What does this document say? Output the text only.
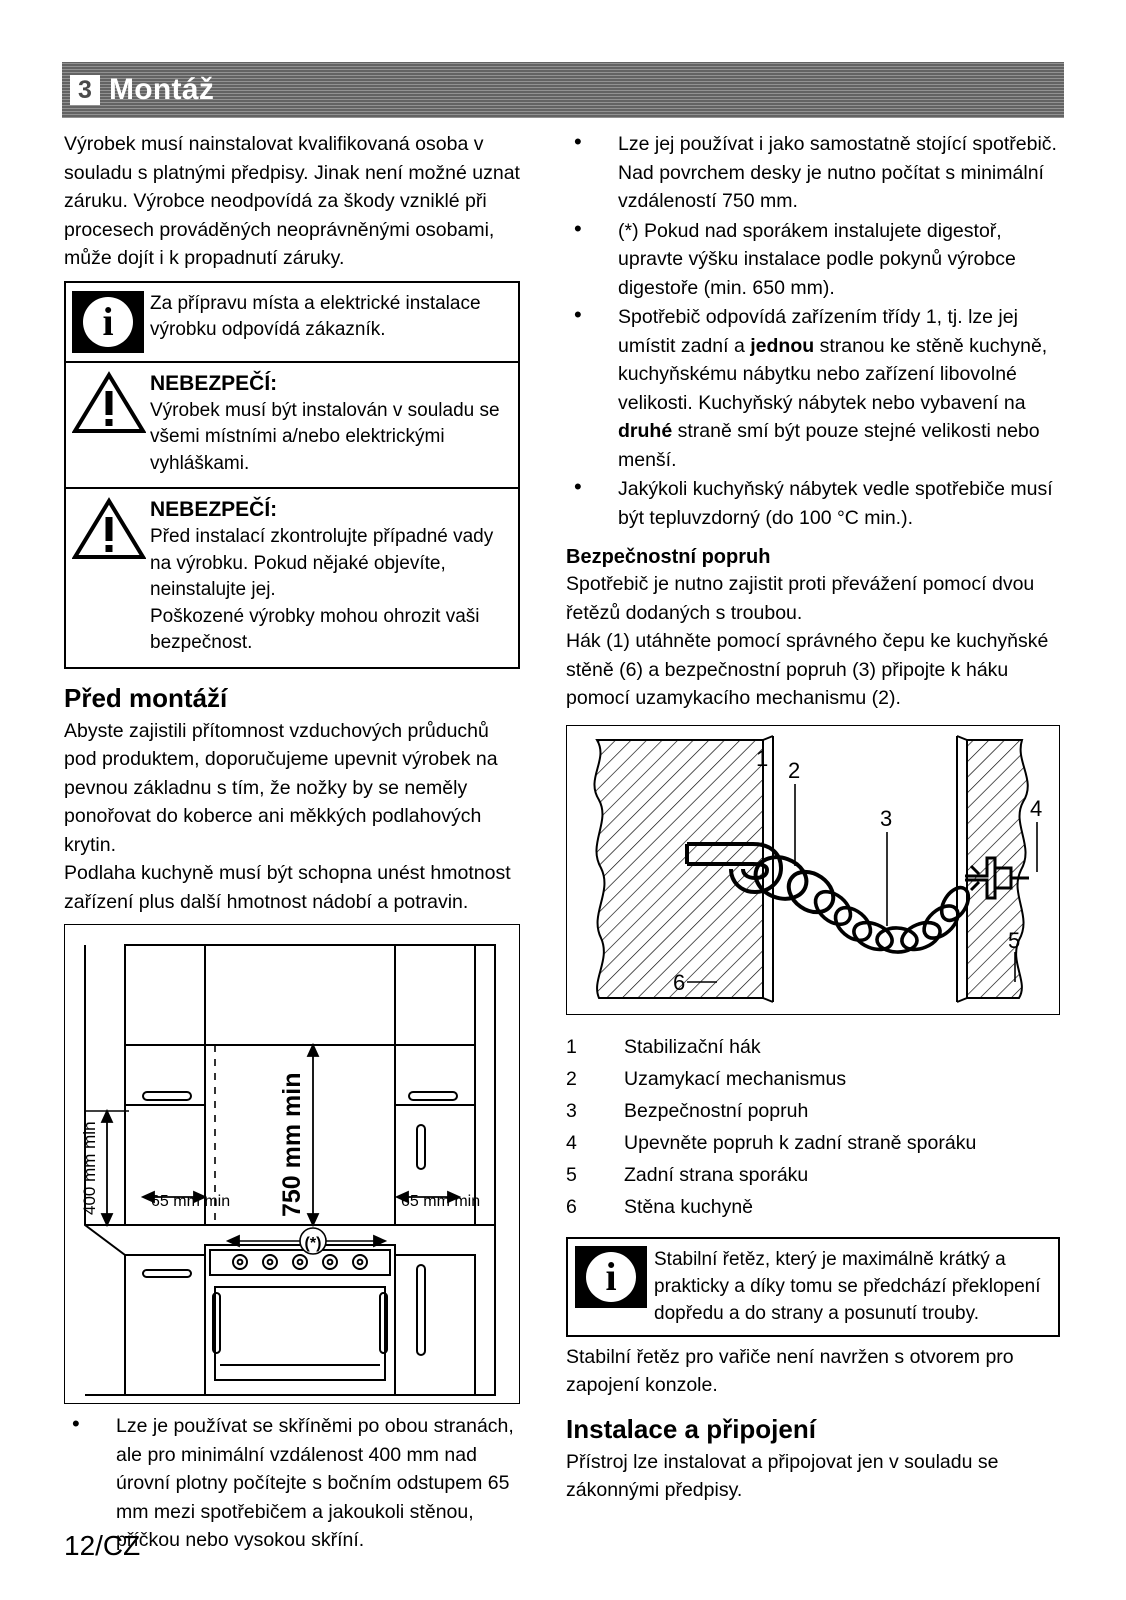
3 Montáž

Výrobek musí nainstalovat kvalifikovaná osoba v souladu s platnými předpisy. Jinak není možné uznat záruku. Výrobce neodpovídá za škody vzniklé při procesech prováděných neoprávněnými osobami, může dojít i k propadnutí záruky.

i	Za přípravu místa a elektrické instalace výrobku odpovídá zákazník.

NEBEZPEČÍ:

Výrobek musí být instalován v souladu se všemi místními a/nebo elektrickými vyhláškami.

NEBEZPEČÍ:

Před instalací zkontrolujte případné vady na výrobku. Pokud nějaké objevíte, neinstalujte jej.

Poškozené výrobky mohou ohrozit vaši bezpečnost.

Před montáží

Abyste zajistili přítomnost vzduchových průduchů pod produktem, doporučujeme upevnit výrobek na pevnou základnu s tím, že nožky by se neměly ponořovat do koberce ani měkkých podlahových krytin.

Podlaha kuchyně musí být schopna unést hmotnost zařízení plus další hmotnost nádobí a potravin.

400 mm min	750 mm min
65 mm min	65 mm min
(*)
• Lze je používat se skříněmi po obou stranách, ale pro minimální vzdálenost 400 mm nad úrovní plotny počítejte s bočním odstupem 65 mm mezi spotřebičem a jakoukoli stěnou, příčkou nebo vysokou skříní.
• Lze jej používat i jako samostatně stojící spotřebič. Nad povrchem desky je nutno počítat s minimální vzdáleností 750 mm.
• (*) Pokud nad sporákem instalujete digestoř, upravte výšku instalace podle pokynů výrobce digestoře (min. 650 mm).
• Spotřebič odpovídá zařízením třídy 1, tj. lze jej umístit zadní a jednou stranou ke stěně kuchyně, kuchyňskému nábytku nebo zařízení libovolné velikosti. Kuchyňský nábytek nebo vybavení na druhé straně smí být pouze stejné velikosti nebo menší.
• Jakýkoli kuchyňský nábytek vedle spotřebiče musí být tepluvzdorný (do 100 °C min.).
Bezpečnostní popruh

Spotřebič je nutno zajistit proti převážení pomocí dvou řetězů dodaných s troubou.

Hák (1) utáhněte pomocí správného čepu ke kuchyňské stěně (6) a bezpečnostní popruh (3) připojte k háku pomocí uzamykacího mechanismu (2).

1 2
3	4
5
6
1	Stabilizační hák
2	Uzamykací mechanismus
3	Bezpečnostní popruh
4	Upevněte popruh k zadní straně sporáku
5	Zadní strana sporáku
6	Stěna kuchyně
i	Stabilní řetěz, který je maximálně krátký a prakticky a díky tomu se předchází překlopení dopředu a do strany a posunutí trouby.

Stabilní řetěz pro vařiče není navržen s otvorem pro zapojení konzole.

Instalace a připojení

Přístroj lze instalovat a připojovat jen v souladu se zákonnými předpisy.

12/CZ
